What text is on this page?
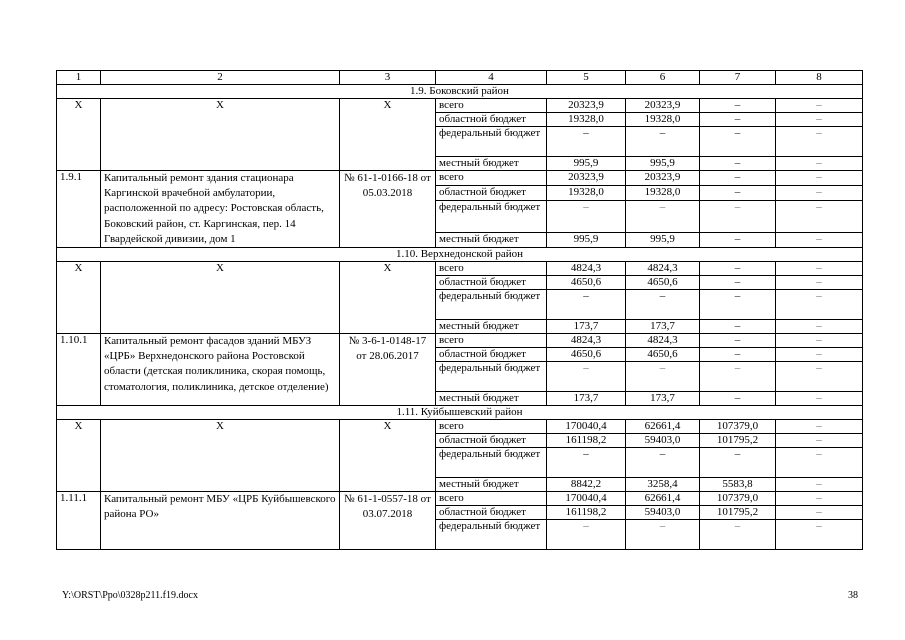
1	2	3	4	5	6	7	8
1.9. Боковский район							
Х	Х	Х	всего	20323,9	20323,9	–	–
			областной бюджет	19328,0	19328,0	–	–
			федеральный бюджет	–	–	–	–
			местный бюджет	995,9	995,9	–	–
1.9.1	Капитальный ремонт здания стационара Каргинской врачебной амбулатории, расположенной по адресу: Ростовская область, Боковский район, ст. Каргинская, пер. 14 Гвардейской дивизии, дом 1	№ 61-1-0166-18 от 05.03.2018	всего	20323,9	20323,9	–	–
			областной бюджет	19328,0	19328,0	–	–
			федеральный бюджет	–	–	–	–
			местный бюджет	995,9	995,9	–	–
1.10. Верхнедонской район							
Х	Х	Х	всего	4824,3	4824,3	–	–
			областной бюджет	4650,6	4650,6	–	–
			федеральный бюджет	–	–	–	–
			местный бюджет	173,7	173,7	–	–
1.10.1	Капитальный ремонт фасадов зданий МБУЗ «ЦРБ» Верхнедонского района Ростовской области (детская поликлиника, скорая помощь, стоматология, поликлиника, детское отделение)	№ 3-6-1-0148-17 от 28.06.2017	всего	4824,3	4824,3	–	–
			областной бюджет	4650,6	4650,6	–	–
			федеральный бюджет	–	–	–	–
			местный бюджет	173,7	173,7	–	–
1.11. Куйбышевский район							
Х	Х	Х	всего	170040,4	62661,4	107379,0	–
			областной бюджет	161198,2	59403,0	101795,2	–
			федеральный бюджет	–	–	–	–
			местный бюджет	8842,2	3258,4	5583,8	–
1.11.1	Капитальный ремонт МБУ «ЦРБ Куйбышевского района РО»	№ 61-1-0557-18 от 03.07.2018	всего	170040,4	62661,4	107379,0	–
			областной бюджет	161198,2	59403,0	101795,2	–
			федеральный бюджет	–	–	–	–
Y:\ORST\Ppo\0328p211.f19.docx	38
